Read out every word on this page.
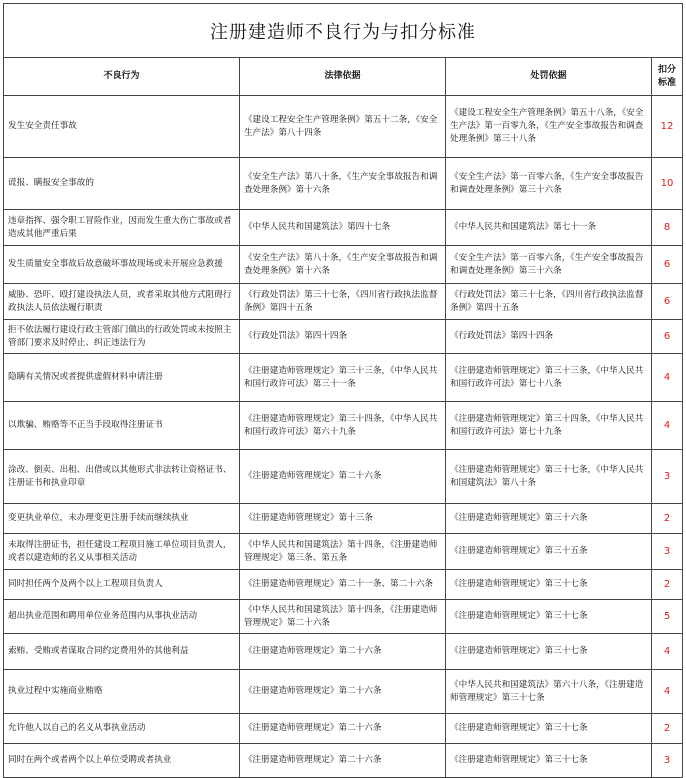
注册建造师不良行为与扣分标准
不良行为	法律依据	处罚依据	扣分标准
发生安全责任事故	《建设工程安全生产管理条例》第五十二条，《安全生产法》第八十四条	《建设工程安全生产管理条例》第五十八条，《安全生产法》第一百零九条，《生产安全事故报告和调查处理条例》第三十八条	12
谎报、瞒报安全事故的	《安全生产法》第八十条，《生产安全事故报告和调查处理条例》第十六条	《安全生产法》第一百零六条，《生产安全事故报告和调查处理条例》第三十六条	10
违章指挥、强令职工冒险作业，因而发生重大伤亡事故或者造成其他严重后果	《中华人民共和国建筑法》第四十七条	《中华人民共和国建筑法》第七十一条	8
发生质量安全事故后故意破坏事故现场或未开展应急救援	《安全生产法》第八十条，《生产安全事故报告和调查处理条例》第十六条	《安全生产法》第一百零六条，《生产安全事故报告和调查处理条例》第三十六条	6
威胁、恐吓、殴打建设执法人员，或者采取其他方式阻碍行政执法人员依法履行职责	《行政处罚法》第三十七条，《四川省行政执法监督条例》第四十五条	《行政处罚法》第三十七条，《四川省行政执法监督条例》第四十五条	6
拒不依法履行建设行政主管部门做出的行政处罚或未按照主管部门要求及时停止、纠正违法行为	《行政处罚法》第四十四条	《行政处罚法》第四十四条	6
隐瞒有关情况或者提供虚假材料申请注册	《注册建造师管理规定》第三十三条，《中华人民共和国行政许可法》第三十一条	《注册建造师管理规定》第三十三条，《中华人民共和国行政许可法》第七十八条	4
以欺骗、贿赂等不正当手段取得注册证书	《注册建造师管理规定》第三十四条，《中华人民共和国行政许可法》第六十九条	《注册建造师管理规定》第三十四条，《中华人民共和国行政许可法》第七十九条	4
涂改、倒卖、出租、出借或以其他形式非法转让资格证书、注册证书和执业印章	《注册建造师管理规定》第二十六条	《注册建造师管理规定》第三十七条，《中华人民共和国建筑法》第八十条	3
变更执业单位，未办理变更注册手续而继续执业	《注册建造师管理规定》第十三条	《注册建造师管理规定》第三十六条	2
未取得注册证书，担任建设工程项目施工单位项目负责人，或者以建造师的名义从事相关活动	《中华人民共和国建筑法》第十四条，《注册建造师管理规定》第三条、第五条	《注册建造师管理规定》第三十五条	3
同时担任两个及两个以上工程项目负责人	《注册建造师管理规定》第二十一条、第二十六条	《注册建造师管理规定》第三十七条	2
超出执业范围和聘用单位业务范围内从事执业活动	《中华人民共和国建筑法》第十四条，《注册建造师管理规定》第二十六条	《注册建造师管理规定》第三十七条	5
索贿、受贿或者谋取合同约定费用外的其他利益	《注册建造师管理规定》第二十六条	《注册建造师管理规定》第三十七条	4
执业过程中实施商业贿赂	《注册建造师管理规定》第二十六条	《中华人民共和国建筑法》第六十八条，《注册建造师管理规定》第三十七条	4
允许他人以自己的名义从事执业活动	《注册建造师管理规定》第二十六条	《注册建造师管理规定》第三十七条	2
同时在两个或者两个以上单位受聘或者执业	《注册建造师管理规定》第二十六条	《注册建造师管理规定》第三十七条	3
